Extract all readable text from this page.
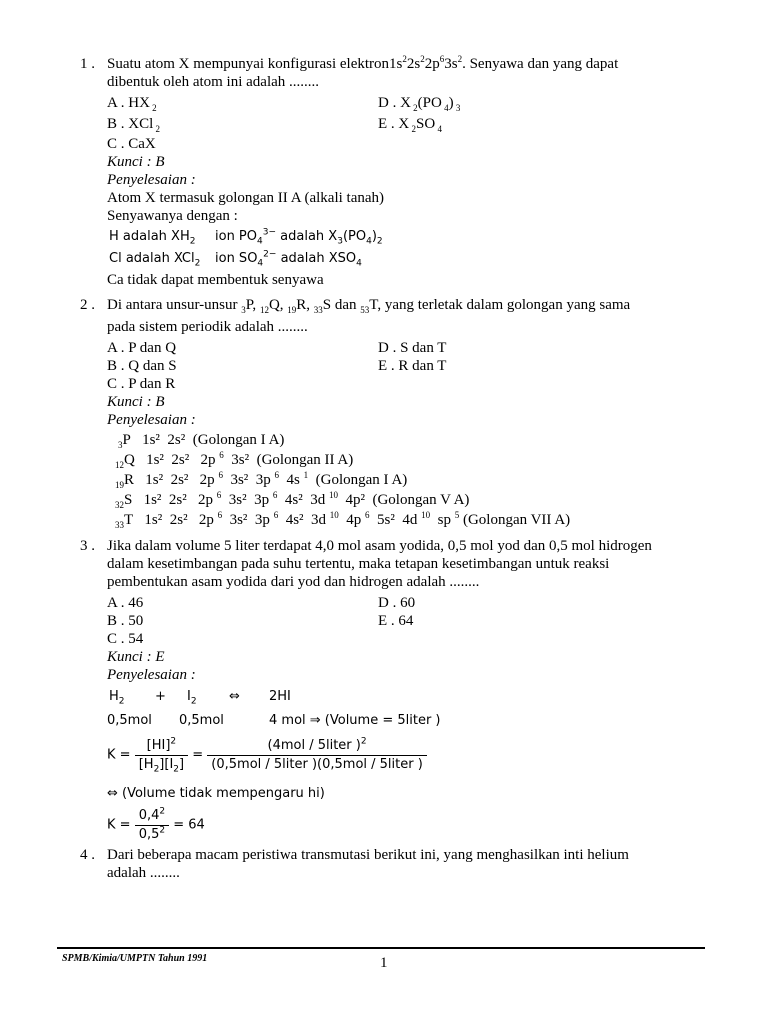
1 . Suatu atom X mempunyai konfigurasi $elektron1s^22s^22p^63s^2$. Senyawa dan yang dapat
dibentuk oleh atom ini adalah ........
A . HX $_2$	D . X $_2$(PO $_4$) $_3$
B . XCl $_2$	E . X $_2$SO $_4$
C . CaX
Kunci : B
Penyelesaian :
Atom X termasuk golongan II A (alkali tanah)
Senyawanya dengan :
H adalah $XH_2$ ion $PO_4^{3-}$ adalah $X_3(PO_4)_2$
Cl adalah XCl$_2$ ion $SO_4^{2-}$ adalah $XSO_4$
Ca tidak dapat membentuk senyawa
2 . Di antara unsur-unsur $_3$P, $_{12}$Q, $_{19}$R, $_{33}$S dan $_{53}$T, yang terletak dalam golongan yang sama
pada sistem periodik adalah ........
A . P dan Q	D . S dan T
B . Q dan S	E . R dan T
C . P dan R
Kunci : B
Penyelesaian :
$_3$P   1s²  2s²  (Golongan I A)
$_{12}$Q   1s²  2s²   2p $^6$  3s²  (Golongan II A)
$_{19}$R   1s²  2s²   2p $^6$  3s²  3p $^6$  4s $^1$ (Golongan I A)
$_{32}$S   1s²  2s²   2p $^6$  3s²  3p $^6$  4s²  3d $^{10}$  4p²  (Golongan V A)
$_{33}$T   1s²  2s²   2p $^6$  3s²  3p $^6$  4s²  3d $^{10}$  4p $^6$  5s²  4d $^{10}$  sp $^5$ (Golongan VII A)
3 . Jika dalam volume 5 liter terdapat 4,0 mol asam yodida, 0,5 mol yod dan 0,5 mol hidrogen
dalam kesetimbangan pada suhu tertentu, maka tetapan kesetimbangan untuk reaksi
pembentukan asam yodida dari yod dan hidrogen adalah ........
A . 46	D . 60
B . 50	E . 64
C . 54
Kunci : E
Penyelesaian :
$H_2 + I_2$ ⇔ 2HI
0,5mol 0,5mol	4 mol ⇒ (Volume = 5liter )
$K = \frac{[HI]^2}{[H_2][I_2]} = \frac{(4mol / 5liter )^2}{\text{(0,5mol / 5liter )(0,5mol / 5liter )}}$
⇔ (Volume tidak mempengaru hi)
$K = \frac{0,4^2}{0,5^2} = 64$
4 . Dari beberapa macam peristiwa transmutasi berikut ini, yang menghasilkan inti helium
adalah ........
SPMB/Kimia/UMPTN Tahun 1991	1
